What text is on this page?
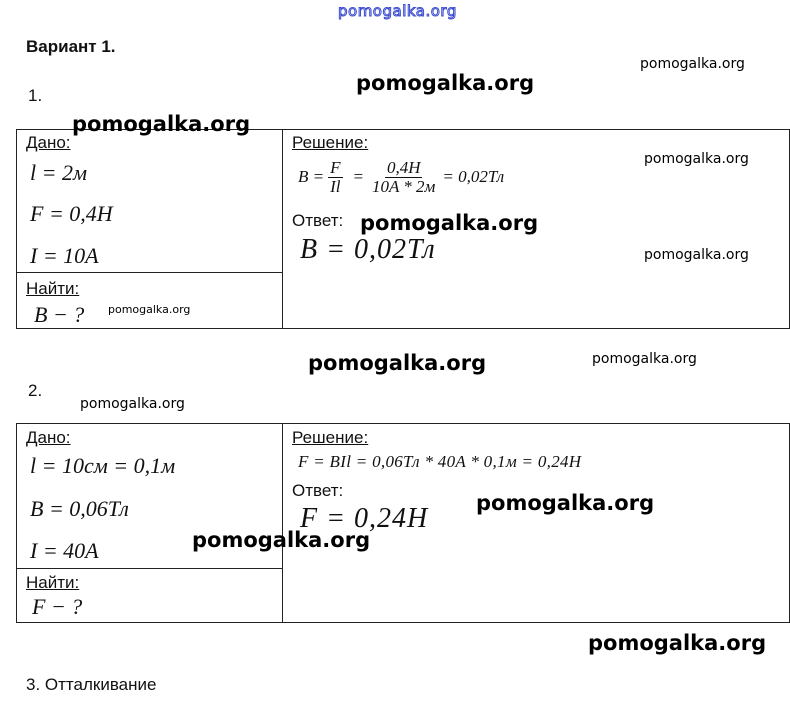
pomogalka.org
Вариант 1.
pomogalka.org
pomogalka.org
1.
Дано:
pomogalka.org
l = 2м
F = 0,4H
I = 10A
Найти:
B − ? pomogalka.org
Решение:
pomogalka.org
$B = \frac{F}{Il} = \frac{0,4H}{10A * 2м} = 0,02Тл$
Ответ: pomogalka.org
B = 0,02Тл	pomogalka.org
pomogalka.org	pomogalka.org
2.
pomogalka.org
Дано:
l = 10см = 0,1м
B = 0,06Тл
I = 40A	pomogalka.org
Найти:
F − ?
Решение:
F = BIl = 0,06Тл * 40A * 0,1м = 0,24H
Ответ:
pomogalka.org
F = 0,24H
pomogalka.org
3. Отталкивание
